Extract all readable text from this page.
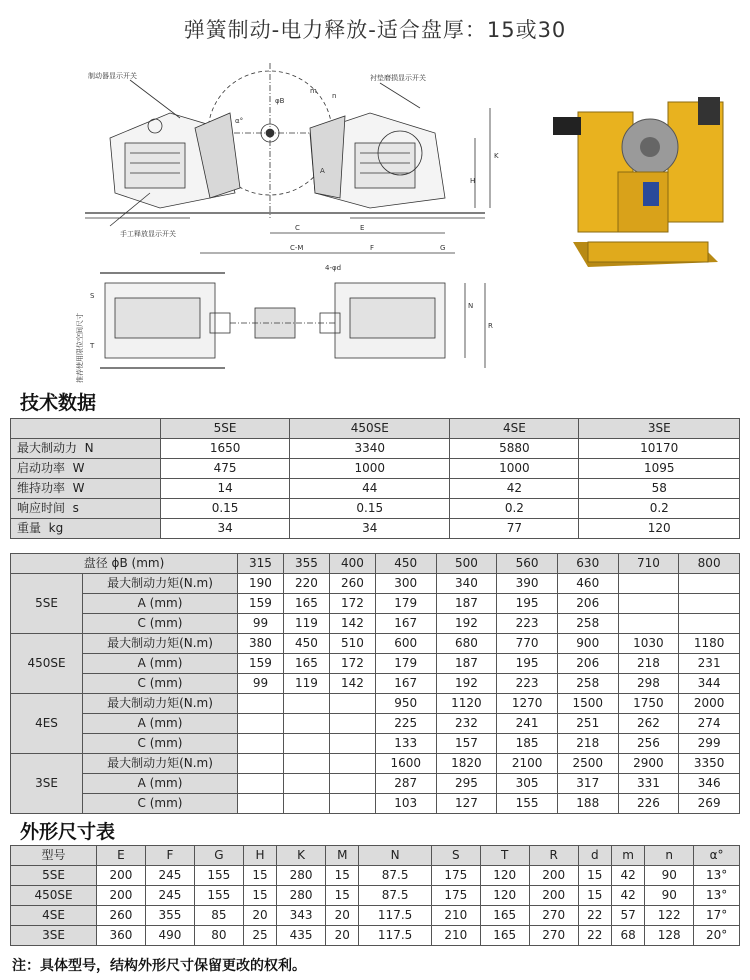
弹簧制动-电力释放-适合盘厚：15或30
制动器显示开关	衬垫磨损显示开关
手工释放显示开关
推荐使用限位空间尺寸
φB
α°
m
n
K
H
A
C	E
C-M	F	G
4-φd
S
T
N
R
技术数据
	5SE	450SE	4SE	3SE
最大制动力 N	1650	3340	5880	10170
启动功率 W	475	1000	1000	1095
维持功率 W	14	44	42	58
响应时间 s	0.15	0.15	0.2	0.2
重量 kg	34	34	77	120
盘径 ϕB (mm)		315	355	400	450	500	560	630	710	800
5SE	最大制动力矩(N.m)	190	220	260	300	340	390	460		
	A (mm)	159	165	172	179	187	195	206		
	C (mm)	99	119	142	167	192	223	258		
450SE	最大制动力矩(N.m)	380	450	510	600	680	770	900	1030	1180
	A (mm)	159	165	172	179	187	195	206	218	231
	C (mm)	99	119	142	167	192	223	258	298	344
4ES	最大制动力矩(N.m)				950	1120	1270	1500	1750	2000
	A (mm)				225	232	241	251	262	274
	C (mm)				133	157	185	218	256	299
3SE	最大制动力矩(N.m)				1600	1820	2100	2500	2900	3350
	A (mm)				287	295	305	317	331	346
	C (mm)				103	127	155	188	226	269
外形尺寸表
型号	E	F	G	H	K	M	N	S	T	R	d	m	n	α°
5SE	200	245	155	15	280	15	87.5	175	120	200	15	42	90	13°
450SE	200	245	155	15	280	15	87.5	175	120	200	15	42	90	13°
4SE	260	355	85	20	343	20	117.5	210	165	270	22	57	122	17°
3SE	360	490	80	25	435	20	117.5	210	165	270	22	68	128	20°
注：具体型号，结构外形尺寸保留更改的权利。
